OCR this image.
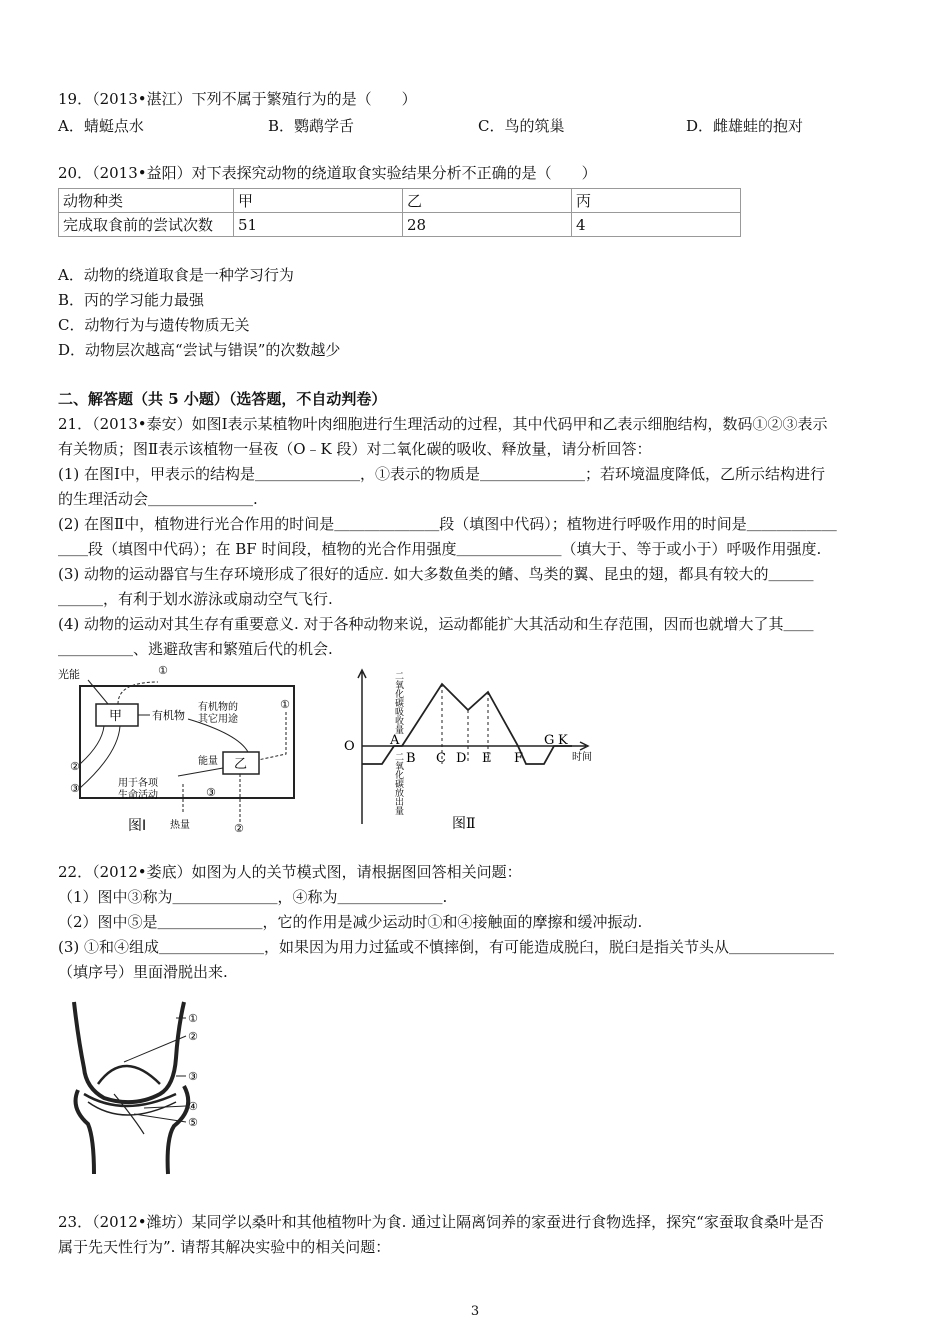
19．（2013•湛江）下列不属于繁殖行为的是（　　）
A．蜻蜓点水	B．鹦鹉学舌	C．鸟的筑巢	D．雌雄蛙的抱对
20．（2013•益阳）对下表探究动物的绕道取食实验结果分析不正确的是（　　）
动物种类	甲	乙	丙
完成取食前的尝试次数	51	28	4
A．动物的绕道取食是一种学习行为
B．丙的学习能力最强
C．动物行为与遗传物质无关
D．动物层次越高“尝试与错误”的次数越少
二、解答题（共 5 小题）（选答题，不自动判卷）
21．（2013•泰安）如图Ⅰ表示某植物叶肉细胞进行生理活动的过程，其中代码甲和乙表示细胞结构，数码①②③表示
有关物质；图Ⅱ表示该植物一昼夜（O﹣K 段）对二氧化碳的吸收、释放量，请分析回答：
(1) 在图Ⅰ中，甲表示的结构是＿＿＿＿＿＿＿，①表示的物质是＿＿＿＿＿＿＿；若环境温度降低，乙所示结构进行
的生理活动会＿＿＿＿＿＿＿.
(2) 在图Ⅱ中，植物进行光合作用的时间是＿＿＿＿＿＿＿段（填图中代码）；植物进行呼吸作用的时间是＿＿＿＿＿＿
＿＿段（填图中代码）；在 BF 时间段，植物的光合作用强度＿＿＿＿＿＿＿（填大于、等于或小于）呼吸作用强度.
(3) 动物的运动器官与生存环境形成了很好的适应. 如大多数鱼类的鳍、鸟类的翼、昆虫的翅，都具有较大的＿＿＿
＿＿＿，有利于划水游泳或扇动空气飞行.
(4) 动物的运动对其生存有重要意义. 对于各种动物来说，运动都能扩大其活动和生存范围，因而也就增大了其＿＿
＿＿＿＿＿、逃避敌害和繁殖后代的机会.
光能
甲
①
有机物
有机物的
其它用途
①
乙
②
③
能量
用于各项
生命活动	③
②
热量
图Ⅰ
二氧化碳吸收量
二氧化碳放出量
O	A
B C D E F
G K
时间
图Ⅱ
22．（2012•娄底）如图为人的关节模式图，请根据图回答相关问题：
（1）图中③称为＿＿＿＿＿＿＿，④称为＿＿＿＿＿＿＿.
（2）图中⑤是＿＿＿＿＿＿＿，它的作用是减少运动时①和④接触面的摩擦和缓冲振动.
(3) ①和④组成＿＿＿＿＿＿＿，如果因为用力过猛或不慎摔倒，有可能造成脱臼，脱臼是指关节头从＿＿＿＿＿＿＿
（填序号）里面滑脱出来.
①
②
③
④
⑤
23．（2012•潍坊）某同学以桑叶和其他植物叶为食. 通过让隔离饲养的家蚕进行食物选择，探究“家蚕取食桑叶是否
属于先天性行为”. 请帮其解决实验中的相关问题：
3
